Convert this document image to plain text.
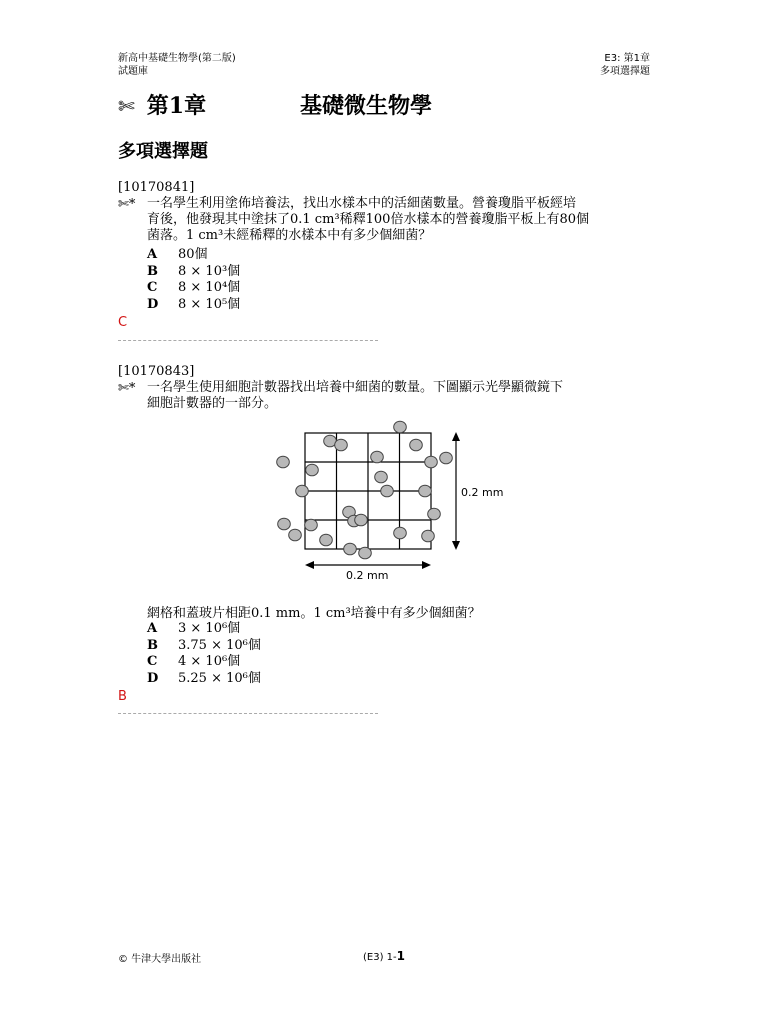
新高中基礎生物學(第二版)
試題庫
E3: 第1章
多項選擇題
✄ 第1章	基礎微生物學
多項選擇題
[10170841]
✄* 一名學生利用塗佈培養法，找出水樣本中的活細菌數量。營養瓊脂平板經培
育後，他發現其中塗抹了0.1 cm³稀釋100倍水樣本的營養瓊脂平板上有80個
菌落。1 cm³未經稀釋的水樣本中有多少個細菌？
A 80個
B 8 × 10³個
C 8 × 10⁴個
D 8 × 10⁵個
C
[10170843]
✄* 一名學生使用細胞計數器找出培養中細菌的數量。下圖顯示光學顯微鏡下
細胞計數器的一部分。
0.2 mm
0.2 mm
網格和蓋玻片相距0.1 mm。1 cm³培養中有多少個細菌？
A 3 × 10⁶個
B 3.75 × 10⁶個
C 4 × 10⁶個
D 5.25 × 10⁶個
B
© 牛津大學出版社	(E3) 1-1
